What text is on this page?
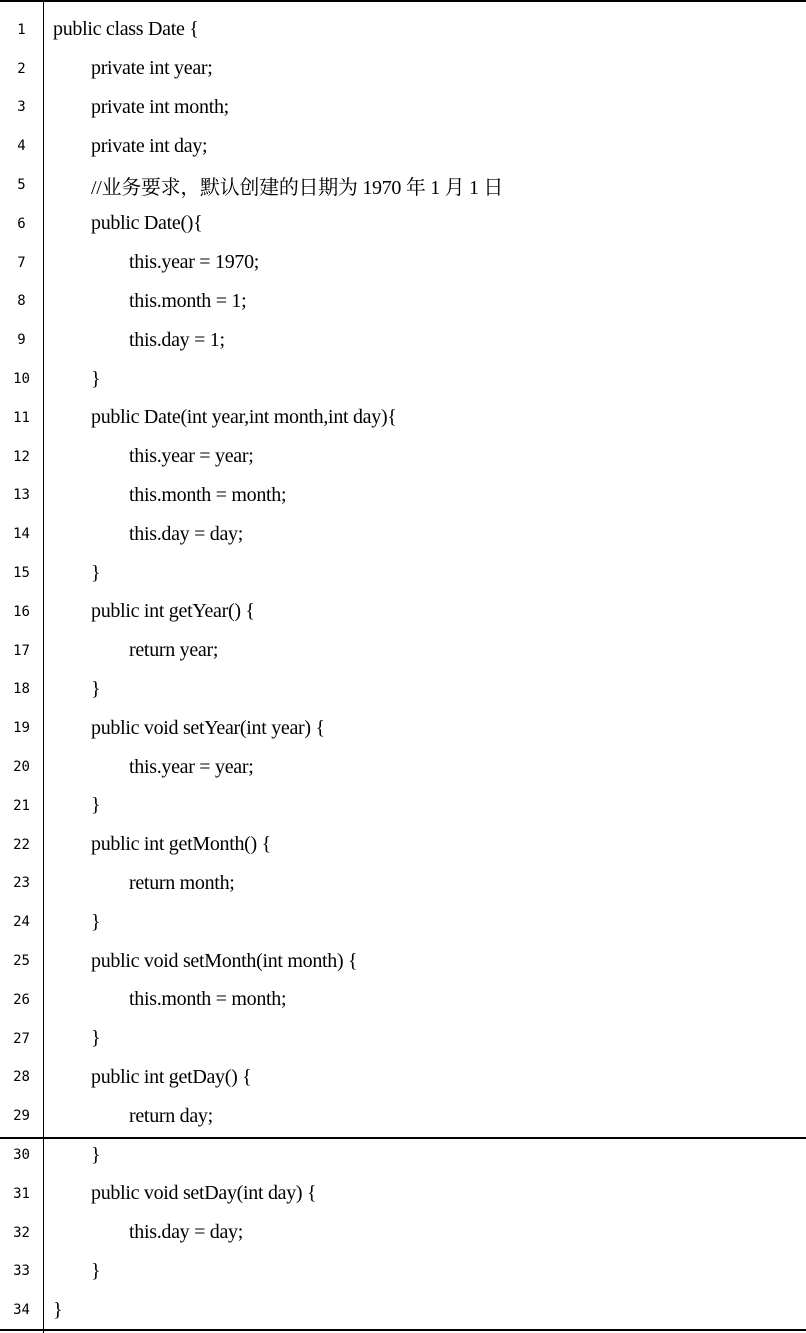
1	public class Date {
2	private int year;
3	private int month;
4	private int day;
5	//业务要求，默认创建的日期为 1970 年 1 月 1 日
6	public Date(){
7	this.year = 1970;
8	this.month = 1;
9	this.day = 1;
10	}
11	public Date(int year,int month,int day){
12	this.year = year;
13	this.month = month;
14	this.day = day;
15	}
16	public int getYear() {
17	return year;
18	}
19	public void setYear(int year) {
20	this.year = year;
21	}
22	public int getMonth() {
23	return month;
24	}
25	public void setMonth(int month) {
26	this.month = month;
27	}
28	public int getDay() {
29	return day;
30	}
31	public void setDay(int day) {
32	this.day = day;
33	}
34	}
